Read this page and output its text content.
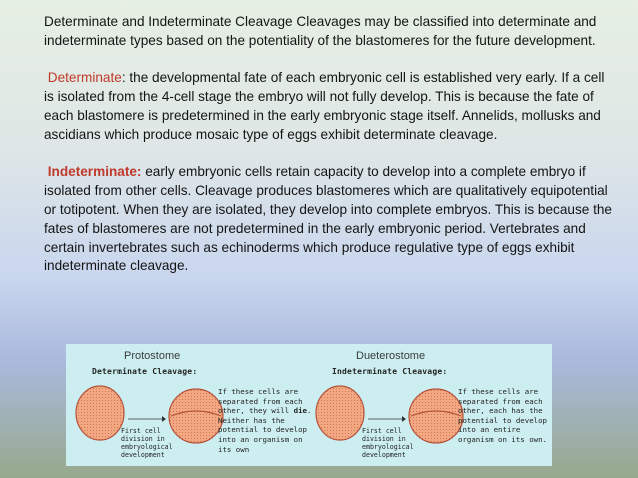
Determinate and Indeterminate Cleavage Cleavages may be classified into determinate and indeterminate types based on the potentiality of the blastomeres for the future development.

Determinate: the developmental fate of each embryonic cell is established very early. If a cell is isolated from the 4-cell stage the embryo will not fully develop. This is because the fate of each blastomere is predetermined in the early embryonic stage itself. Annelids, mollusks and ascidians which produce mosaic type of eggs exhibit determinate cleavage.

Indeterminate: early embryonic cells retain capacity to develop into a complete embryo if isolated from other cells. Cleavage produces blastomeres which are qualitatively equipotential or totipotent. When they are isolated, they develop into complete embryos. This is because the fates of blastomeres are not predetermined in the early embryonic period. Vertebrates and certain invertebrates such as echinoderms which produce regulative type of eggs exhibit indeterminate cleavage.

Protostome
Determinate Cleavage:
First cell division in embryological development
If these cells are separated from each other, they will die. Neither has the potential to develop into an organism on its own
Dueterostome
Indeterminate Cleavage:
First cell division in embryological development
If these cells are separated from each other, each has the potential to develop into an entire organism on its own.
